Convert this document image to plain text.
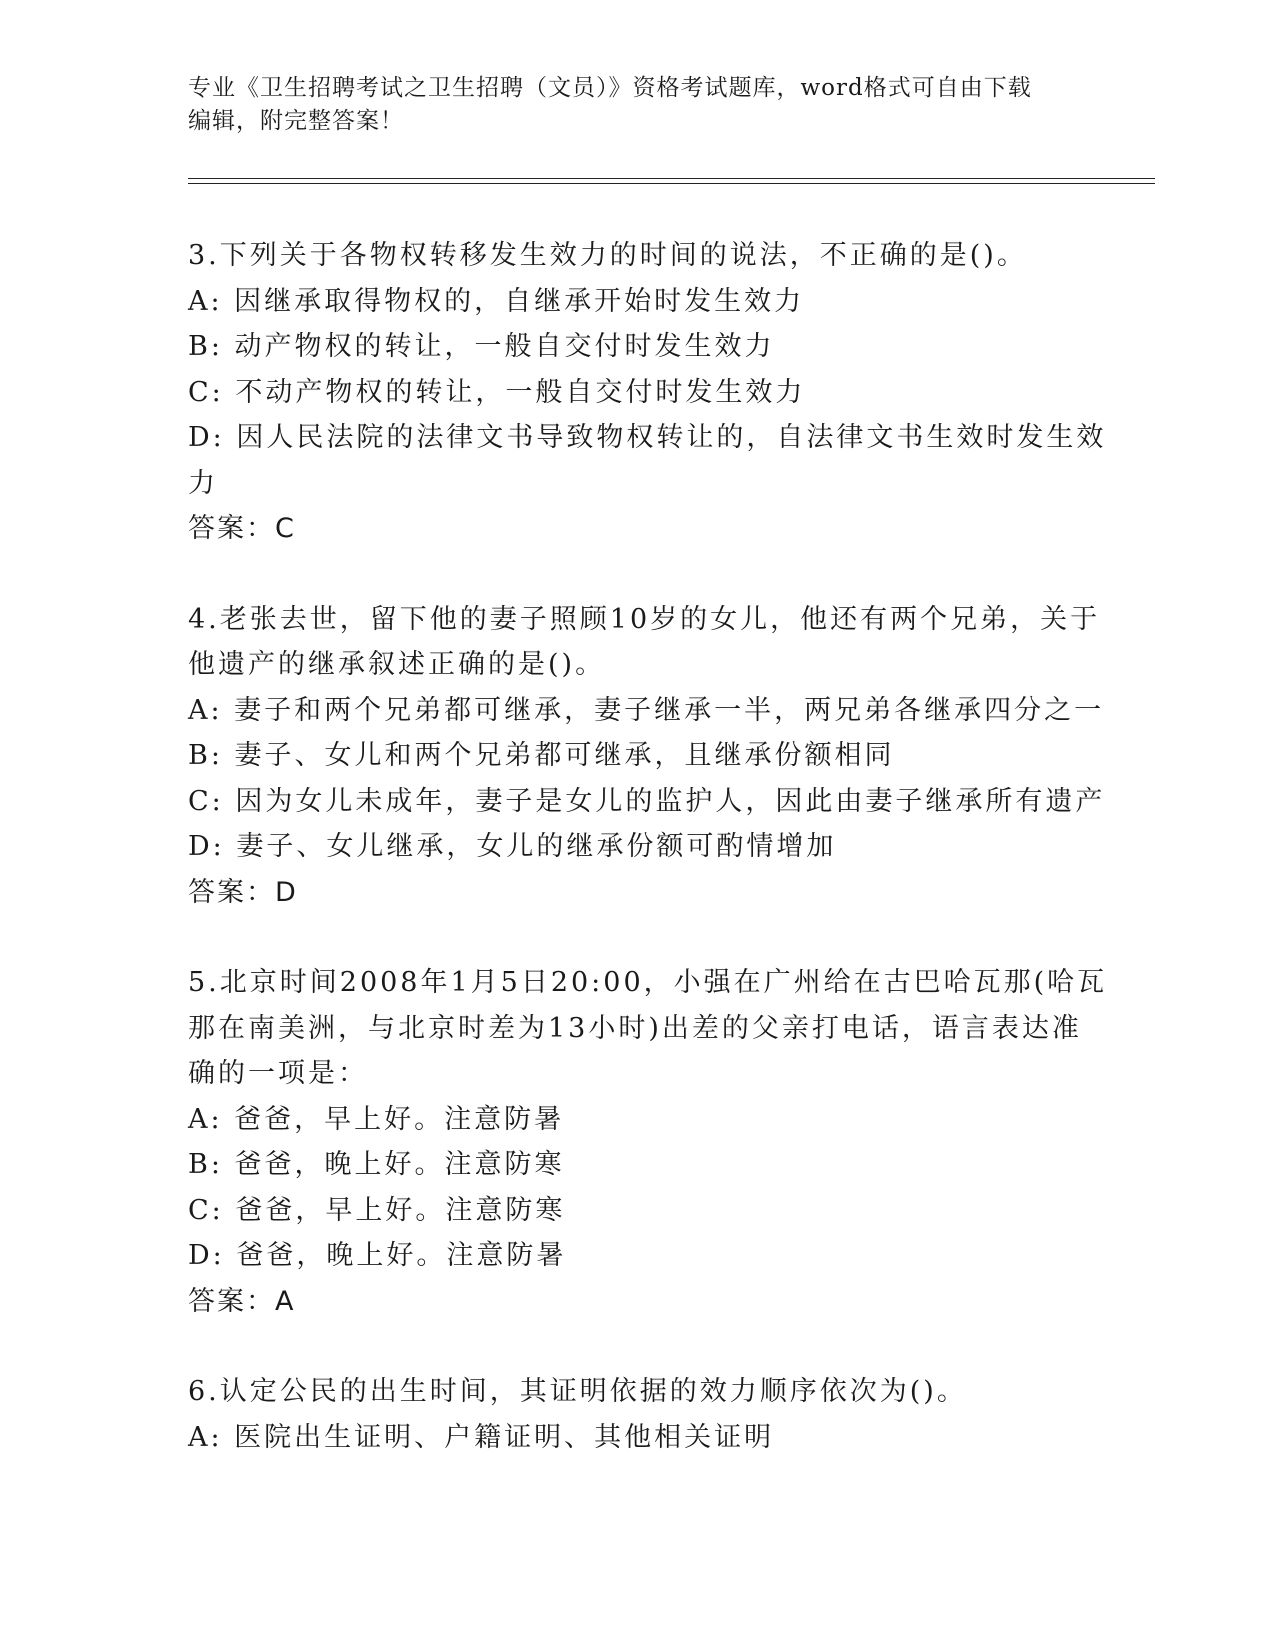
专业《卫生招聘考试之卫生招聘（文员）》资格考试题库，word格式可自由下载
编辑，附完整答案！
3.下列关于各物权转移发生效力的时间的说法，不正确的是()。
A: 因继承取得物权的，自继承开始时发生效力
B: 动产物权的转让，一般自交付时发生效力
C: 不动产物权的转让，一般自交付时发生效力
D: 因人民法院的法律文书导致物权转让的，自法律文书生效时发生效
力
答案：C
4.老张去世，留下他的妻子照顾10岁的女儿，他还有两个兄弟，关于
他遗产的继承叙述正确的是()。
A: 妻子和两个兄弟都可继承，妻子继承一半，两兄弟各继承四分之一
B: 妻子、女儿和两个兄弟都可继承，且继承份额相同
C: 因为女儿未成年，妻子是女儿的监护人，因此由妻子继承所有遗产
D: 妻子、女儿继承，女儿的继承份额可酌情增加
答案：D
5.北京时间2008年1月5日20:00，小强在广州给在古巴哈瓦那(哈瓦
那在南美洲，与北京时差为13小时)出差的父亲打电话，语言表达准
确的一项是：
A: 爸爸，早上好。注意防暑
B: 爸爸，晚上好。注意防寒
C: 爸爸，早上好。注意防寒
D: 爸爸，晚上好。注意防暑
答案：A
6.认定公民的出生时间，其证明依据的效力顺序依次为()。
A: 医院出生证明、户籍证明、其他相关证明
